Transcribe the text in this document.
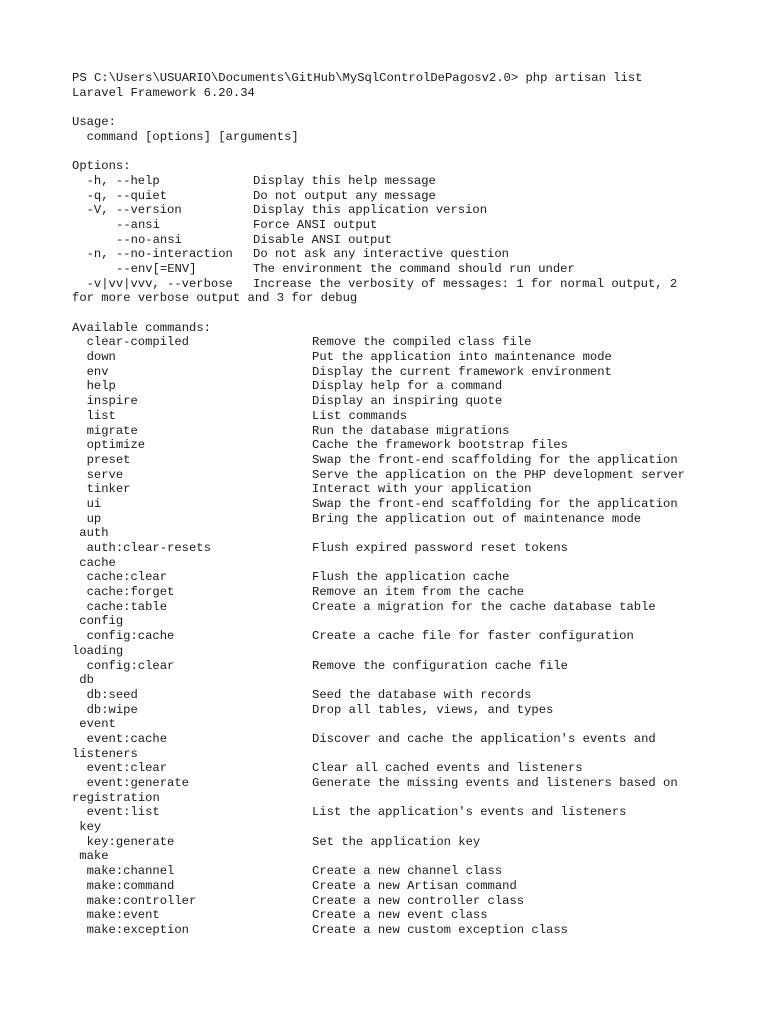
PS C:\Users\USUARIO\Documents\GitHub\MySqlControlDePagosv2.0> php artisan list
Laravel Framework 6.20.34
Usage:
command [options] [arguments]
Options:
-h, --help	Display this help message
-q, --quiet	Do not output any message
-V, --version	Display this application version
--ansi	Force ANSI output
--no-ansi	Disable ANSI output
-n, --no-interaction Do not ask any interactive question
--env[=ENV]	The environment the command should run under
-v|vv|vvv, --verbose Increase the verbosity of messages: 1 for normal output, 2
for more verbose output and 3 for debug
Available commands:
clear-compiled	Remove the compiled class file
down	Put the application into maintenance mode
env	Display the current framework environment
help	Display help for a command
inspire	Display an inspiring quote
list	List commands
migrate	Run the database migrations
optimize	Cache the framework bootstrap files
preset	Swap the front-end scaffolding for the application
serve	Serve the application on the PHP development server
tinker	Interact with your application
ui	Swap the front-end scaffolding for the application
up	Bring the application out of maintenance mode
auth
auth:clear-resets	Flush expired password reset tokens
cache
cache:clear	Flush the application cache
cache:forget	Remove an item from the cache
cache:table	Create a migration for the cache database table
config
config:cache	Create a cache file for faster configuration
loading
config:clear	Remove the configuration cache file
db
db:seed	Seed the database with records
db:wipe	Drop all tables, views, and types
event
event:cache	Discover and cache the application's events and
listeners
event:clear	Clear all cached events and listeners
event:generate	Generate the missing events and listeners based on
registration
event:list	List the application's events and listeners
key
key:generate	Set the application key
make
make:channel	Create a new channel class
make:command	Create a new Artisan command
make:controller	Create a new controller class
make:event	Create a new event class
make:exception	Create a new custom exception class
